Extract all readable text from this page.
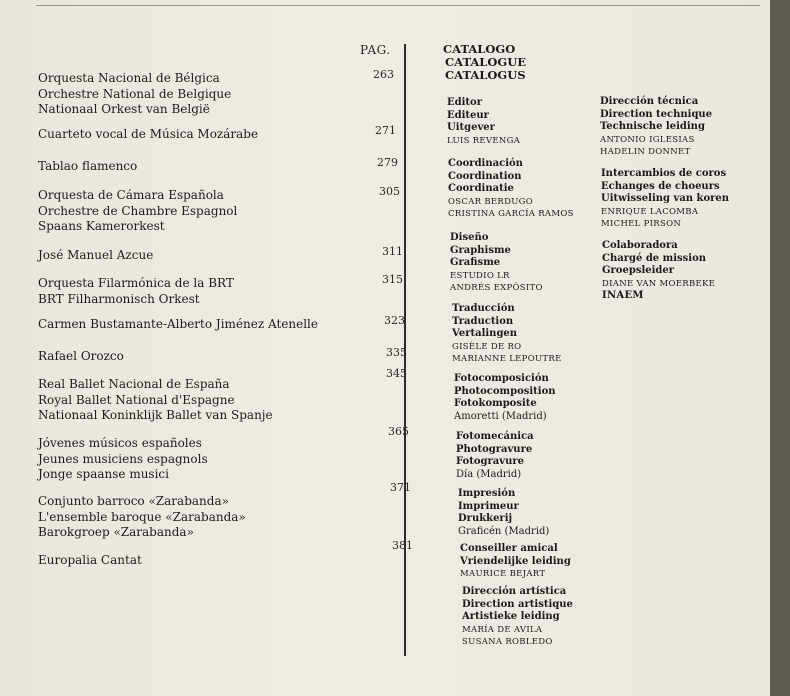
PAG.
Orquesta Nacional de Bélgica
Orchestre National de Belgique
Nationaal Orkest van België
263
Cuarteto vocal de Música Mozárabe	271
Tablao flamenco	279
Orquesta de Cámara Española
Orchestre de Chambre Espagnol
Spaans Kamerorkest
305
José Manuel Azcue	311
Orquesta Filarmónica de la BRT
BRT Filharmonisch Orkest
315
Carmen Bustamante-Alberto Jiménez Atenelle	323
Rafael Orozco	335
Real Ballet Nacional de España
Royal Ballet National d'Espagne
Nationaal Koninklijk Ballet van Spanje
345
Jóvenes músicos españoles
Jeunes musiciens espagnols
Jonge spaanse musici
365
Conjunto barroco «Zarabanda»
L'ensemble baroque «Zarabanda»
Barokgroep «Zarabanda»
371
Europalia Cantat
381
CATALOGO
CATALOGUE
CATALOGUS
Editor
Editeur
Uitgever
LUIS REVENGA
Coordinación
Coordination
Coordinatie
OSCAR BERDUGO
CRISTINA GARCÍA RAMOS
Diseño
Graphisme
Grafisme
ESTUDIO LR
ANDRÉS EXPÓSITO
Traducción
Traduction
Vertalingen
GISÈLE DE RO
MARIANNE LEPOUTRE
Fotocomposición
Photocomposition
Fotokomposite
Amoretti (Madrid)
Fotomecánica
Photogravure
Fotogravure
Día (Madrid)
Impresión
Imprimeur
Drukkerij
Graficén (Madrid)
Conseiller amical
Vriendelijke leiding
MAURICE BEJART
Dirección artística
Direction artistique
Artistieke leiding
MARÍA DE AVILA
SUSANA ROBLEDO
Dirección técnica
Direction technique
Technische leiding
ANTONIO IGLESIAS
HADELIN DONNET
Intercambios de coros
Echanges de choeurs
Uitwisseling van koren
ENRIQUE LACOMBA
MICHEL PIRSON
Colaboradora
Chargé de mission
Groepsleider
DIANE VAN MOERBEKE
INAEM
